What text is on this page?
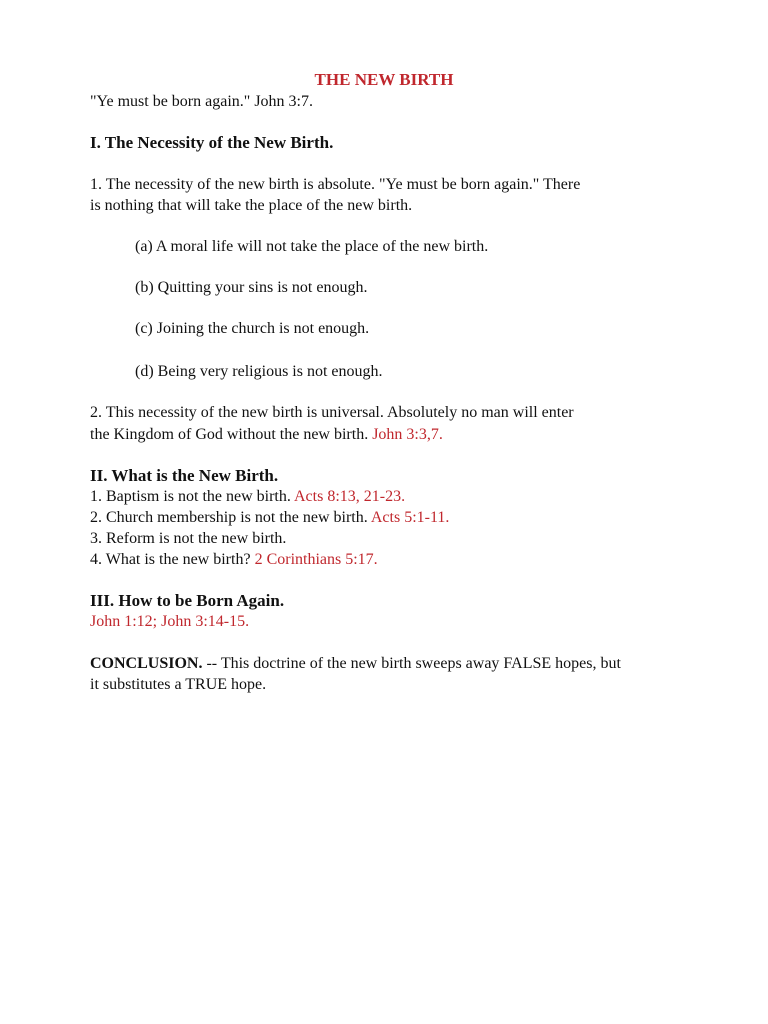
THE NEW BIRTH
"Ye must be born again." John 3:7.
I. The Necessity of the New Birth.
1. The necessity of the new birth is absolute. "Ye must be born again." There
is nothing that will take the place of the new birth.
(a) A moral life will not take the place of the new birth.
(b) Quitting your sins is not enough.
(c) Joining the church is not enough.
(d) Being very religious is not enough.
2. This necessity of the new birth is universal. Absolutely no man will enter
the Kingdom of God without the new birth. John 3:3,7.
II. What is the New Birth.
1. Baptism is not the new birth. Acts 8:13, 21-23.
2. Church membership is not the new birth. Acts 5:1-11.
3. Reform is not the new birth.
4. What is the new birth? 2 Corinthians 5:17.
III. How to be Born Again.
John 1:12; John 3:14-15.
CONCLUSION. -- This doctrine of the new birth sweeps away FALSE hopes, but
it substitutes a TRUE hope.
